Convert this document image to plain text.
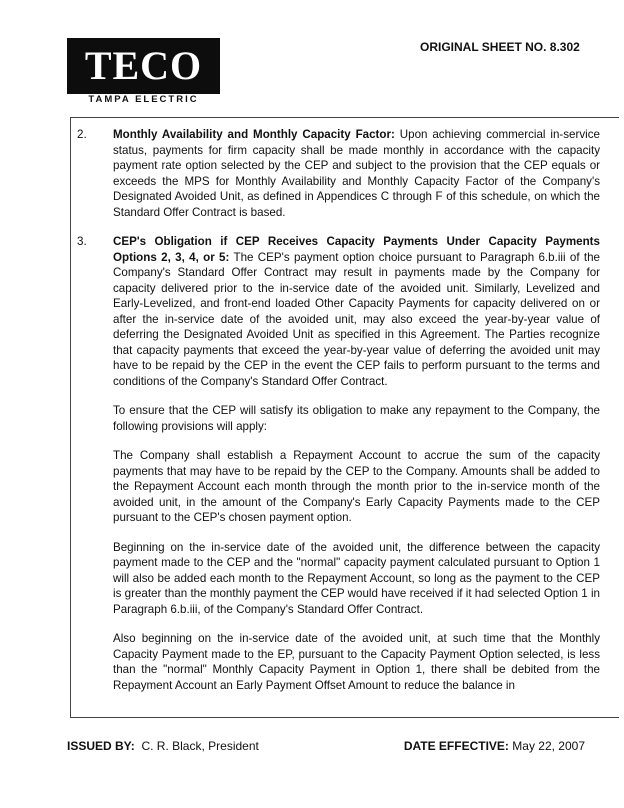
TECO
TAMPA ELECTRIC
ORIGINAL SHEET NO. 8.302
2. Monthly Availability and Monthly Capacity Factor: Upon achieving commercial in-service status, payments for firm capacity shall be made monthly in accordance with the capacity payment rate option selected by the CEP and subject to the provision that the CEP equals or exceeds the MPS for Monthly Availability and Monthly Capacity Factor of the Company's Designated Avoided Unit, as defined in Appendices C through F of this schedule, on which the Standard Offer Contract is based.

3. CEP's Obligation if CEP Receives Capacity Payments Under Capacity Payments Options 2, 3, 4, or 5: The CEP's payment option choice pursuant to Paragraph 6.b.iii of the Company's Standard Offer Contract may result in payments made by the Company for capacity delivered prior to the in-service date of the avoided unit. Similarly, Levelized and Early-Levelized, and front-end loaded Other Capacity Payments for capacity delivered on or after the in-service date of the avoided unit, may also exceed the year-by-year value of deferring the Designated Avoided Unit as specified in this Agreement. The Parties recognize that capacity payments that exceed the year-by-year value of deferring the avoided unit may have to be repaid by the CEP in the event the CEP fails to perform pursuant to the terms and conditions of the Company's Standard Offer Contract.

To ensure that the CEP will satisfy its obligation to make any repayment to the Company, the following provisions will apply:

The Company shall establish a Repayment Account to accrue the sum of the capacity payments that may have to be repaid by the CEP to the Company. Amounts shall be added to the Repayment Account each month through the month prior to the in-service month of the avoided unit, in the amount of the Company's Early Capacity Payments made to the CEP pursuant to the CEP's chosen payment option.

Beginning on the in-service date of the avoided unit, the difference between the capacity payment made to the CEP and the "normal" capacity payment calculated pursuant to Option 1 will also be added each month to the Repayment Account, so long as the payment to the CEP is greater than the monthly payment the CEP would have received if it had selected Option 1 in Paragraph 6.b.iii, of the Company's Standard Offer Contract.

Also beginning on the in-service date of the avoided unit, at such time that the Monthly Capacity Payment made to the EP, pursuant to the Capacity Payment Option selected, is less than the "normal" Monthly Capacity Payment in Option 1, there shall be debited from the Repayment Account an Early Payment Offset Amount to reduce the balance in

ISSUED BY: C. R. Black, President	DATE EFFECTIVE: May 22, 2007
